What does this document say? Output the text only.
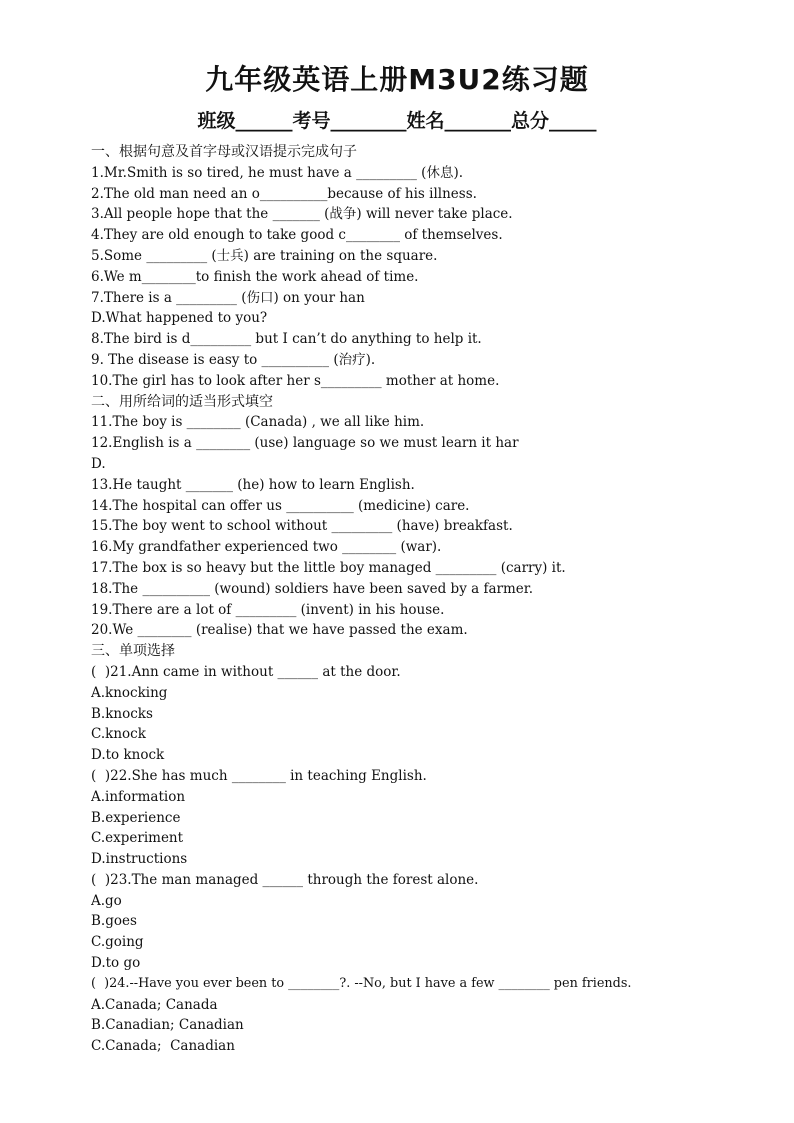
九年级英语上册M3U2练习题
班级______考号________姓名_______总分_____
一、根据句意及首字母或汉语提示完成句子
1.Mr.Smith is so tired, he must have a _________ (休息).
2.The old man need an o__________because of his illness.
3.All people hope that the _______ (战争) will never take place.
4.They are old enough to take good c________ of themselves.
5.Some _________ (士兵) are training on the square.
6.We m________to finish the work ahead of time.
7.There is a _________ (伤口) on your han
D.What happened to you?
8.The bird is d_________ but I can’t do anything to help it.
9. The disease is easy to __________ (治疗).
10.The girl has to look after her s_________ mother at home.
二、用所给词的适当形式填空
11.The boy is ________ (Canada) , we all like him.
12.English is a ________ (use) language so we must learn it har
D.
13.He taught _______ (he) how to learn English.
14.The hospital can offer us __________ (medicine) care.
15.The boy went to school without _________ (have) breakfast.
16.My grandfather experienced two ________ (war).
17.The box is so heavy but the little boy managed _________ (carry) it.
18.The __________ (wound) soldiers have been saved by a farmer.
19.There are a lot of _________ (invent) in his house.
20.We ________ (realise) that we have passed the exam.
三、单项选择
(  )21.Ann came in without ______ at the door.
A.knocking
B.knocks
C.knock
D.to knock
(  )22.She has much ________ in teaching English.
A.information
B.experience
C.experiment
D.instructions
(  )23.The man managed ______ through the forest alone.
A.go
B.goes
C.going
D.to go
(  )24.--Have you ever been to ________?. --No, but I have a few ________ pen friends.
A.Canada; Canada
B.Canadian; Canadian
C.Canada;  Canadian
